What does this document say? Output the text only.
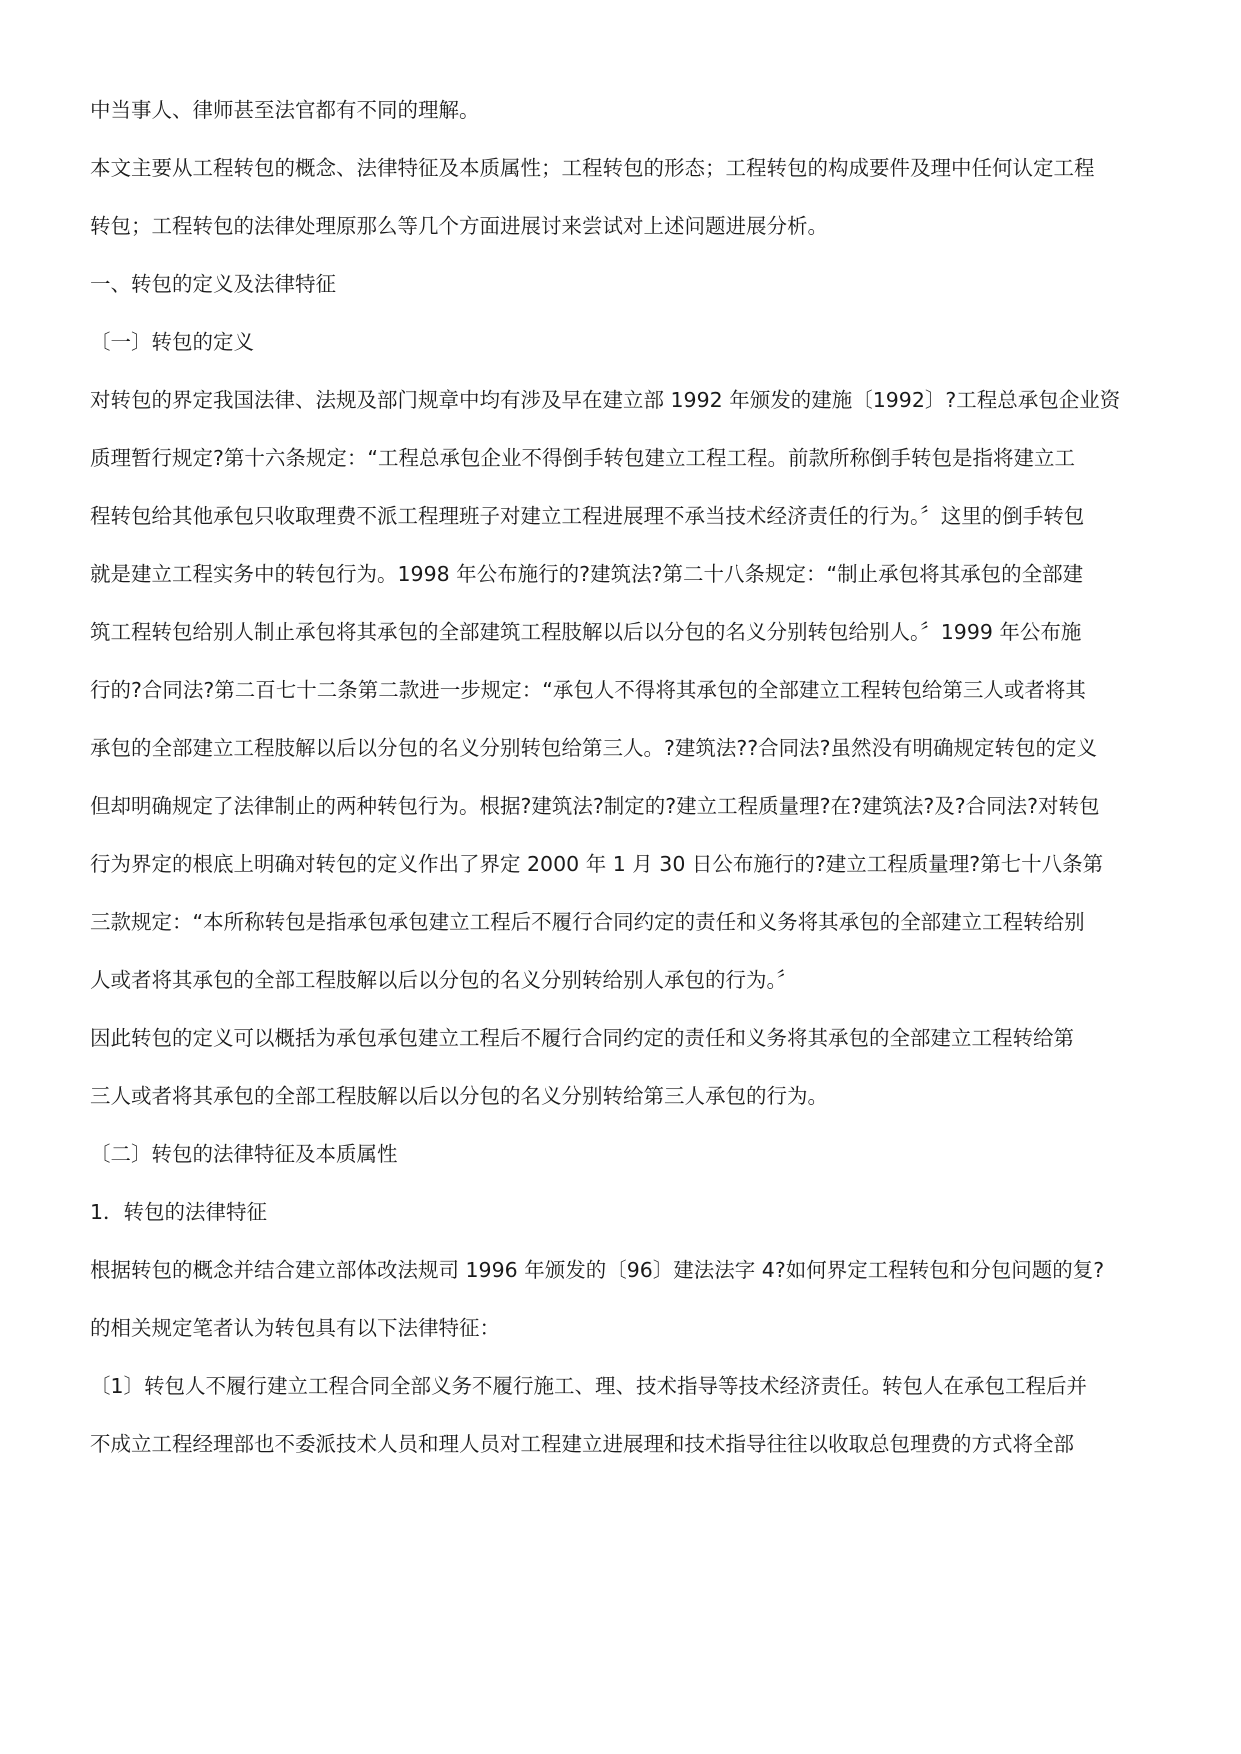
中当事人、律师甚至法官都有不同的理解。

本文主要从工程转包的概念、法律特征及本质属性；工程转包的形态；工程转包的构成要件及理中任何认定工程

转包；工程转包的法律处理原那么等几个方面进展讨来尝试对上述问题进展分析。

一、转包的定义及法律特征

〔一〕转包的定义

对转包的界定我国法律、法规及部门规章中均有涉及早在建立部 1992 年颁发的建施〔1992〕?工程总承包企业资

质理暂行规定?第十六条规定：“工程总承包企业不得倒手转包建立工程工程。前款所称倒手转包是指将建立工

程转包给其他承包只收取理费不派工程理班子对建立工程进展理不承当技术经济责任的行为。〞这里的倒手转包

就是建立工程实务中的转包行为。1998 年公布施行的?建筑法?第二十八条规定：“制止承包将其承包的全部建

筑工程转包给别人制止承包将其承包的全部建筑工程肢解以后以分包的名义分别转包给别人。〞1999 年公布施

行的?合同法?第二百七十二条第二款进一步规定：“承包人不得将其承包的全部建立工程转包给第三人或者将其

承包的全部建立工程肢解以后以分包的名义分别转包给第三人。?建筑法??合同法?虽然没有明确规定转包的定义

但却明确规定了法律制止的两种转包行为。根据?建筑法?制定的?建立工程质量理?在?建筑法?及?合同法?对转包

行为界定的根底上明确对转包的定义作出了界定 2000 年 1 月 30 日公布施行的?建立工程质量理?第七十八条第

三款规定：“本所称转包是指承包承包建立工程后不履行合同约定的责任和义务将其承包的全部建立工程转给别

人或者将其承包的全部工程肢解以后以分包的名义分别转给别人承包的行为。〞

因此转包的定义可以概括为承包承包建立工程后不履行合同约定的责任和义务将其承包的全部建立工程转给第

三人或者将其承包的全部工程肢解以后以分包的名义分别转给第三人承包的行为。

〔二〕转包的法律特征及本质属性

1．转包的法律特征

根据转包的概念并结合建立部体改法规司 1996 年颁发的〔96〕建法法字 4?如何界定工程转包和分包问题的复?

的相关规定笔者认为转包具有以下法律特征：

〔1〕转包人不履行建立工程合同全部义务不履行施工、理、技术指导等技术经济责任。转包人在承包工程后并

不成立工程经理部也不委派技术人员和理人员对工程建立进展理和技术指导往往以收取总包理费的方式将全部
